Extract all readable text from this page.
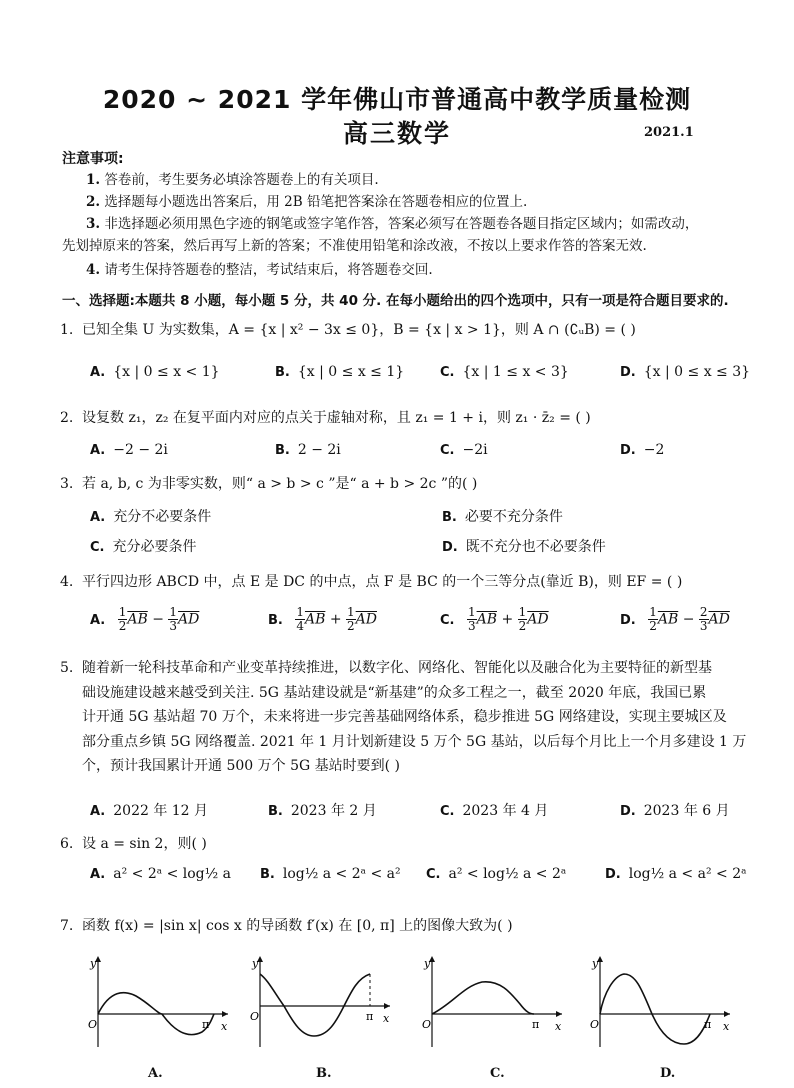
2020 ~ 2021 学年佛山市普通高中教学质量检测
高三数学	2021.1
注意事项:
1. 答卷前，考生要务必填涂答题卷上的有关项目.
2. 选择题每小题选出答案后，用 2B 铅笔把答案涂在答题卷相应的位置上.
3. 非选择题必须用黑色字迹的钢笔或签字笔作答，答案必须写在答题卷各题目指定区域内；如需改动，
先划掉原来的答案，然后再写上新的答案；不准使用铅笔和涂改液，不按以上要求作答的答案无效.
4. 请考生保持答题卷的整洁，考试结束后，将答题卷交回.
一、选择题:本题共 8 小题，每小题 5 分，共 40 分. 在每小题给出的四个选项中，只有一项是符合题目要求的.
1. 已知全集 U 为实数集，A = {x | x² − 3x ≤ 0}，B = {x | x > 1}，则 A ∩ (∁ᵤB) = ( )
A. {x | 0 ≤ x < 1}	B. {x | 0 ≤ x ≤ 1}	C. {x | 1 ≤ x < 3}	D. {x | 0 ≤ x ≤ 3}
2. 设复数 z₁，z₂ 在复平面内对应的点关于虚轴对称，且 z₁ = 1 + i，则 z₁ · z̄₂ = ( )
A. −2 − 2i	B. 2 − 2i	C. −2i	D. −2
3. 若 a, b, c 为非零实数，则“ a > b > c ”是“ a + b > 2c ”的( )
A. 充分不必要条件	B. 必要不充分条件
C. 充分必要条件	D. 既不充分也不必要条件
4. 平行四边形 ABCD 中，点 E 是 DC 的中点，点 F 是 BC 的一个三等分点(靠近 B)，则 EF = ( )
A. $\frac{1}{2} \overline{AB} - \frac{1}{3} \overline{AD}$	B. $\frac{1}{4} \overline{AB} + \frac{1}{2} \overline{AD}$	C. $\frac{1}{3} \overline{AB} + \frac{1}{2} \overline{AD}$	D. $\frac{1}{2} \overline{AB} - \frac{2}{3} \overline{AD}$
5. 随着新一轮科技革命和产业变革持续推进，以数字化、网络化、智能化以及融合化为主要特征的新型基
础设施建设越来越受到关注. 5G 基站建设就是“新基建”的众多工程之一，截至 2020 年底，我国已累
计开通 5G 基站超 70 万个，未来将进一步完善基础网络体系，稳步推进 5G 网络建设，实现主要城区及
部分重点乡镇 5G 网络覆盖. 2021 年 1 月计划新建设 5 万个 5G 基站，以后每个月比上一个月多建设 1 万
个，预计我国累计开通 500 万个 5G 基站时要到( )
A. 2022 年 12 月	B. 2023 年 2 月	C. 2023 年 4 月	D. 2023 年 6 月
6. 设 a = sin 2，则( )
A. a² < 2ᵃ < log½ a B. log½ a < 2ᵃ < a² C. a² < log½ a < 2ᵃ	D. log½ a < a² < 2ᵃ
7. 函数 f(x) = |sin x| cos x 的导函数 f′(x) 在 [0, π] 上的图像大致为( )
y
O	π x
A.
y
O	π x
B.
y
O	π x
C.
y
O	π x
D.
